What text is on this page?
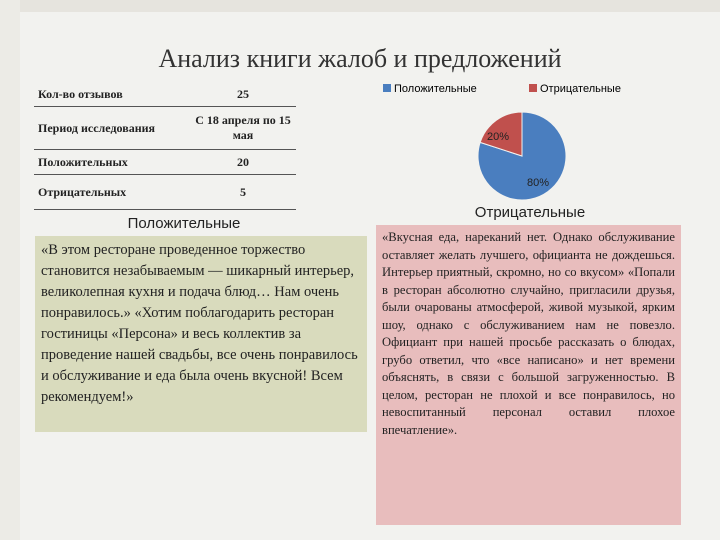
Анализ книги жалоб и предложений
Кол-во отзывов	25
Период исследования	С 18 апреля по 15 мая
Положительных	20
Отрицательных	5
Положительные	Отрицательные
80%
20%
Положительные

«В этом ресторане проведенное торжество становится незабываемым — шикарный интерьер, великолепная кухня и подача блюд… Нам очень понравилось.» «Хотим поблагодарить ресторан гостиницы «Персона» и весь коллектив за проведение нашей свадьбы, все очень понравилось и обслуживание и еда была очень вкусной! Всем рекомендуем!»

Отрицательные

«Вкусная еда, нареканий нет. Однако обслуживание оставляет желать лучшего, официанта не дождешься. Интерьер приятный, скромно, но со вкусом» «Попали в ресторан абсолютно случайно, пригласили друзья, были очарованы атмосферой, живой музыкой, ярким шоу, однако с обслуживанием нам не повезло. Официант при нашей просьбе рассказать о блюдах, грубо ответил, что «все написано» и нет времени объяснять, в связи с большой загруженностью. В целом, ресторан не плохой и все понравилось, но невоспитанный персонал оставил плохое впечатление».
